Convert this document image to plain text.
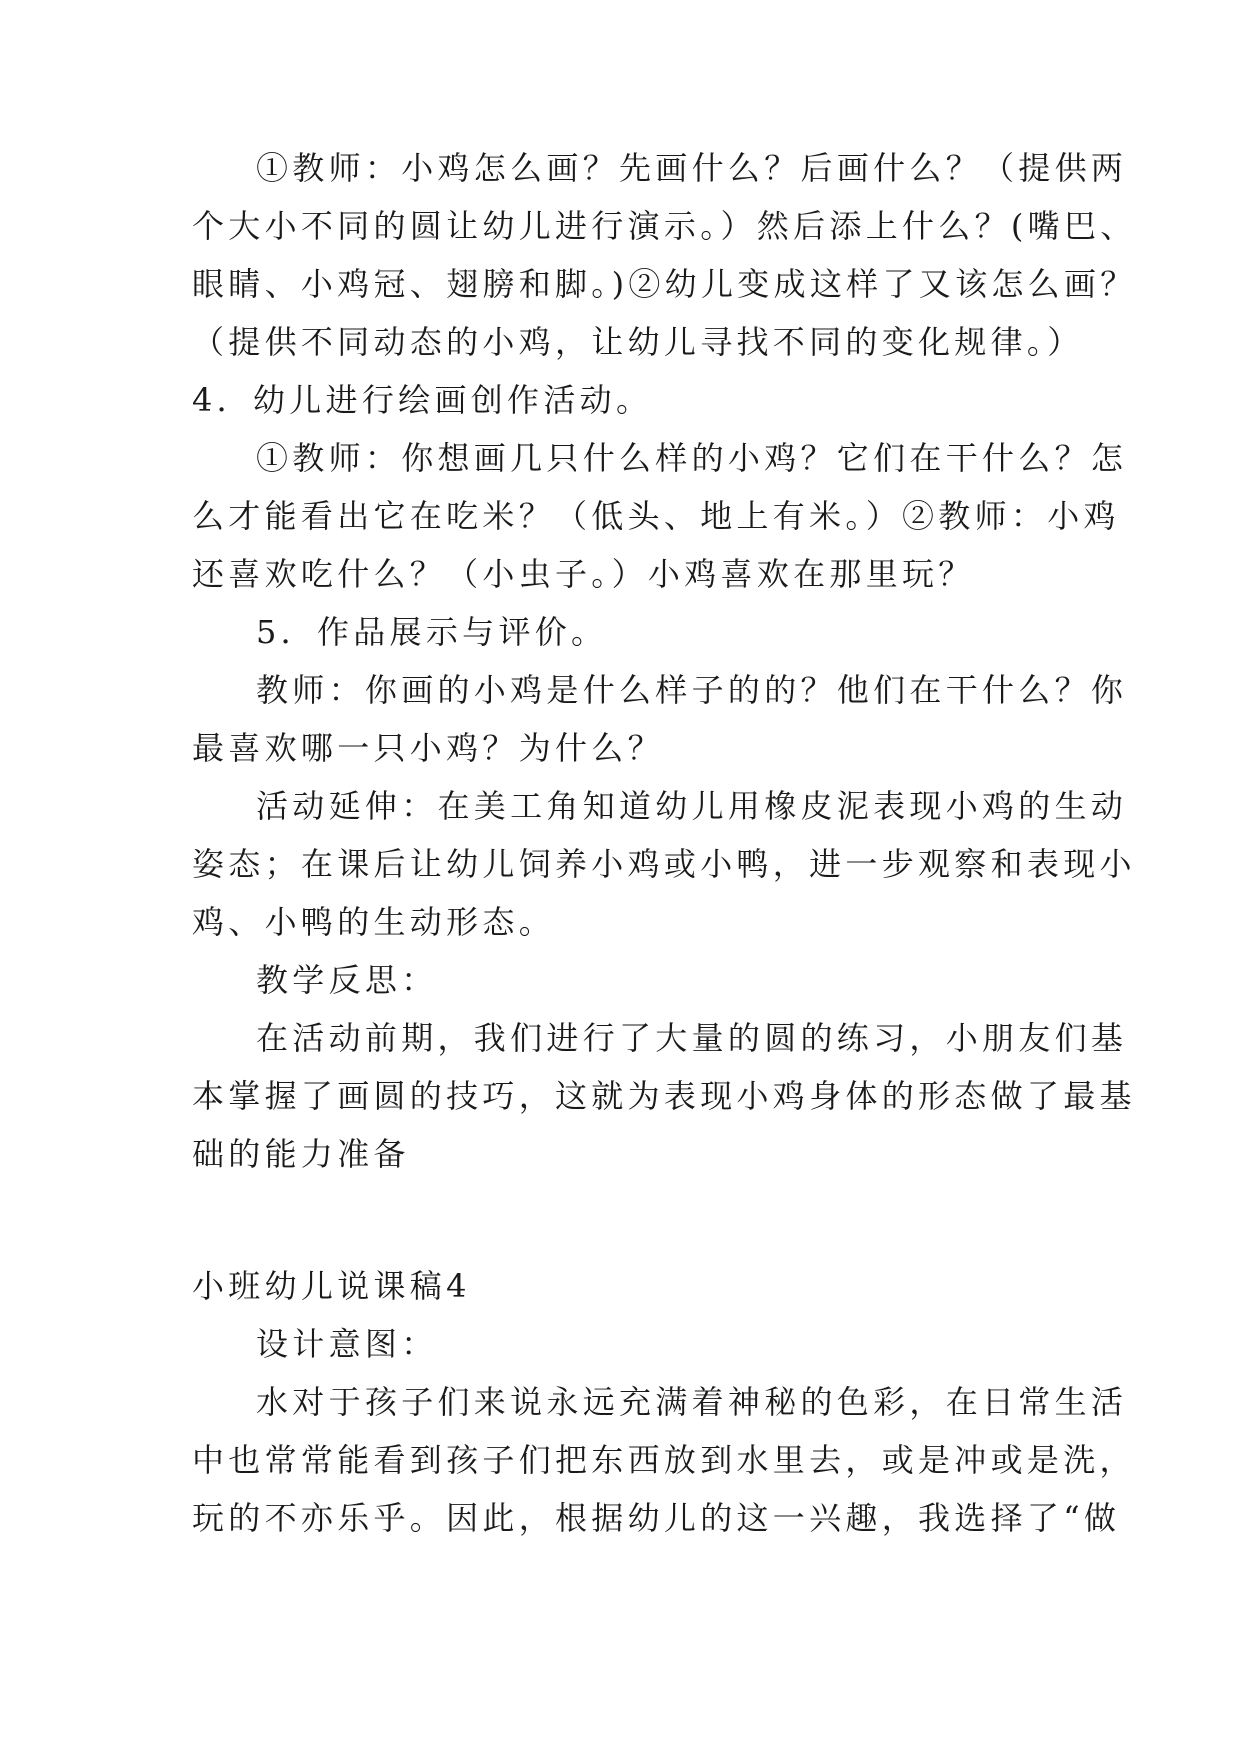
①教师：小鸡怎么画？先画什么？后画什么？（提供两
个大小不同的圆让幼儿进行演示。）然后添上什么？(嘴巴、
眼睛、小鸡冠、翅膀和脚。)②幼儿变成这样了又该怎么画？
（提供不同动态的小鸡，让幼儿寻找不同的变化规律。）
4．幼儿进行绘画创作活动。
①教师：你想画几只什么样的小鸡？它们在干什么？怎
么才能看出它在吃米？（低头、地上有米。）②教师：小鸡
还喜欢吃什么？（小虫子。）小鸡喜欢在那里玩？
5．作品展示与评价。
教师：你画的小鸡是什么样子的的？他们在干什么？你
最喜欢哪一只小鸡？为什么？
活动延伸：在美工角知道幼儿用橡皮泥表现小鸡的生动
姿态；在课后让幼儿饲养小鸡或小鸭，进一步观察和表现小
鸡、小鸭的生动形态。
教学反思：
在活动前期，我们进行了大量的圆的练习，小朋友们基
本掌握了画圆的技巧，这就为表现小鸡身体的形态做了最基
础的能力准备
小班幼儿说课稿4
设计意图：
水对于孩子们来说永远充满着神秘的色彩，在日常生活
中也常常能看到孩子们把东西放到水里去，或是冲或是洗，
玩的不亦乐乎。因此，根据幼儿的这一兴趣，我选择了“做
